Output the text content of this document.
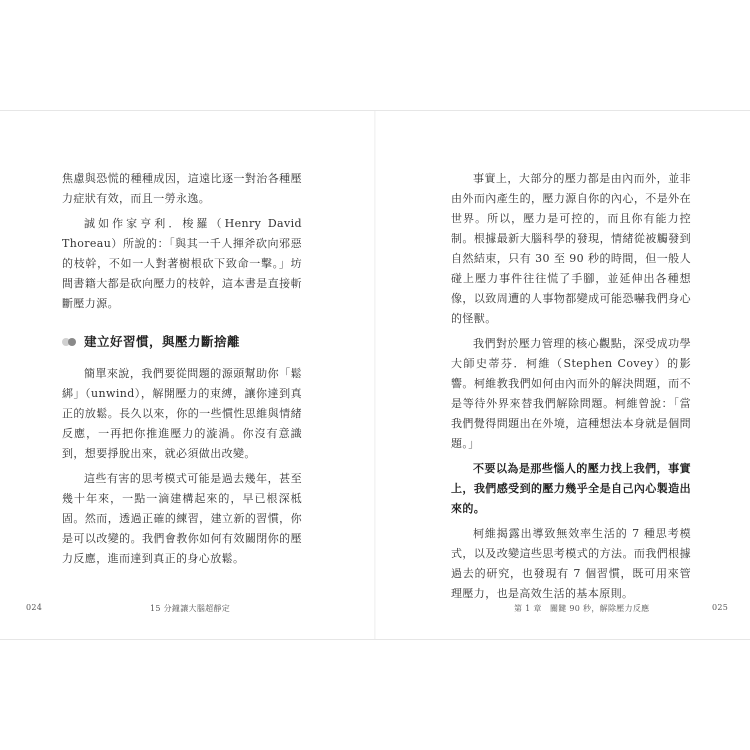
焦慮與恐慌的種種成因，這遠比逐一對治各種壓力症狀有效，而且一勞永逸。

誠如作家亨利．梭羅（Henry David Thoreau）所說的：「與其一千人揮斧砍向邪惡的枝幹，不如一人對著樹根砍下致命一擊。」坊間書籍大都是砍向壓力的枝幹，這本書是直接斬斷壓力源。

建立好習慣，與壓力斷捨離

簡單來說，我們要從問題的源頭幫助你「鬆綁」（unwind），解開壓力的束縛，讓你達到真正的放鬆。長久以來，你的一些慣性思維與情緒反應，一再把你推進壓力的漩渦。你沒有意識到，想要掙脫出來，就必須做出改變。

這些有害的思考模式可能是過去幾年，甚至幾十年來，一點一滴建構起來的，早已根深柢固。然而，透過正確的練習，建立新的習慣，你是可以改變的。我們會教你如何有效關閉你的壓力反應，進而達到真正的身心放鬆。

024	15 分鐘讓大腦超靜定

事實上，大部分的壓力都是由內而外，並非由外而內產生的，壓力源自你的內心，不是外在世界。所以，壓力是可控的，而且你有能力控制。根據最新大腦科學的發現，情緒從被觸發到自然結束，只有 30 至 90 秒的時間，但一般人碰上壓力事件往往慌了手腳，並延伸出各種想像，以致周遭的人事物都變成可能恐嚇我們身心的怪獸。

我們對於壓力管理的核心觀點，深受成功學大師史蒂芬．柯維（Stephen Covey）的影響。柯維教我們如何由內而外的解決問題，而不是等待外界來替我們解除問題。柯維曾說：「當我們覺得問題出在外境，這種想法本身就是個問題。」

不要以為是那些惱人的壓力找上我們，事實上，我們感受到的壓力幾乎全是自己內心製造出來的。

柯維揭露出導致無效率生活的 7 種思考模式，以及改變這些思考模式的方法。而我們根據過去的研究，也發現有 7 個習慣，既可用來管理壓力，也是高效生活的基本原則。

第 1 章　關鍵 90 秒，解除壓力反應	025
